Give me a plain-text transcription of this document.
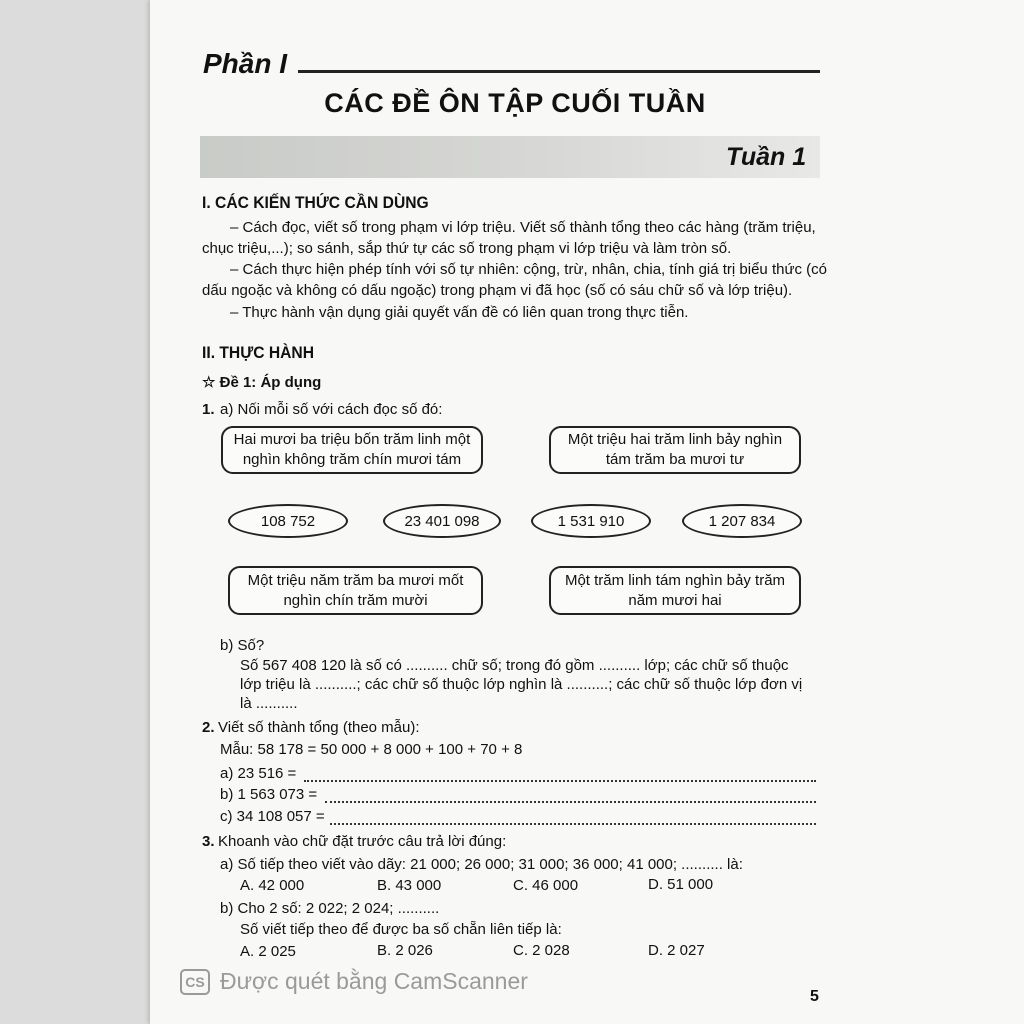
Phần I
CÁC ĐỀ ÔN TẬP CUỐI TUẦN
Tuần 1
I. CÁC KIẾN THỨC CẦN DÙNG
– Cách đọc, viết số trong phạm vi lớp triệu. Viết số thành tổng theo các hàng (trăm triệu,
chục triệu,...); so sánh, sắp thứ tự các số trong phạm vi lớp triệu và làm tròn số.
– Cách thực hiện phép tính với số tự nhiên: cộng, trừ, nhân, chia, tính giá trị biểu thức (có
dấu ngoặc và không có dấu ngoặc) trong phạm vi đã học (số có sáu chữ số và lớp triệu).
– Thực hành vận dụng giải quyết vấn đề có liên quan trong thực tiễn.
II. THỰC HÀNH
☆ Đề 1: Áp dụng
1. a) Nối mỗi số với cách đọc số đó:
Hai mươi ba triệu bốn trăm linh một
nghìn không trăm chín mươi tám
Một triệu hai trăm linh bảy nghìn
tám trăm ba mươi tư
108 752	23 401 098	1 531 910	1 207 834
Một triệu năm trăm ba mươi mốt
nghìn chín trăm mười
Một trăm linh tám nghìn bảy trăm
năm mươi hai
b) Số?
Số 567 408 120 là số có .......... chữ số; trong đó gồm .......... lớp; các chữ số thuộc
lớp triệu là ..........; các chữ số thuộc lớp nghìn là ..........; các chữ số thuộc lớp đơn vị
là ..........
2. Viết số thành tổng (theo mẫu):
Mẫu: 58 178 = 50 000 + 8 000 + 100 + 70 + 8
a) 23 516 =
b) 1 563 073 =
c) 34 108 057 =
3. Khoanh vào chữ đặt trước câu trả lời đúng:
a) Số tiếp theo viết vào dãy: 21 000; 26 000; 31 000; 36 000; 41 000; .......... là:
A. 42 000	B. 43 000	C. 46 000	D. 51 000
b) Cho 2 số: 2 022; 2 024; ..........
Số viết tiếp theo để được ba số chẵn liên tiếp là:
A. 2 025	B. 2 026	C. 2 028	D. 2 027
CS Được quét bằng CamScanner
5
